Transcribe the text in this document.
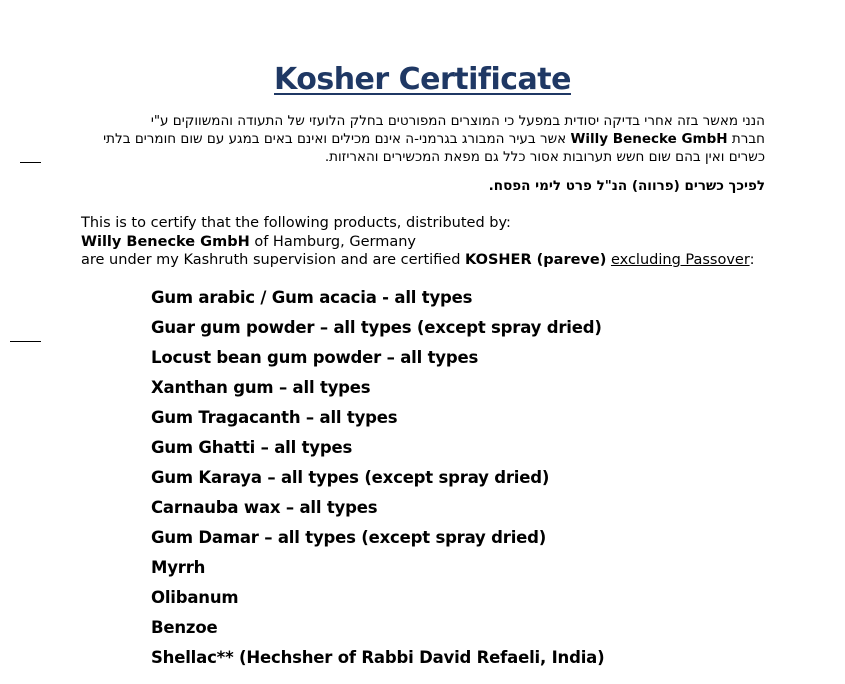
Kosher Certificate

הנני מאשר בזה אחרי בדיקה יסודית במפעל כי המוצרים המפורטים בחלק הלועזי של התעודה והמשווקים ע"י

חברת Willy Benecke GmbH אשר בעיר המבורג בגרמני-ה אינם מכילים ואינם באים במגע עם שום חומרים בלתי

כשרים ואין בהם שום חשש תערובות אסור כלל גם מפאת המכשירים והאריזות.

לפיכך כשרים (פרווה) הנ"ל פרט לימי הפסח.

This is to certify that the following products, distributed by:

Willy Benecke GmbH of Hamburg, Germany

are under my Kashruth supervision and are certified KOSHER (pareve) excluding Passover:

Gum arabic / Gum acacia - all types
Guar gum powder – all types (except spray dried)
Locust bean gum powder – all types
Xanthan gum – all types
Gum Tragacanth – all types
Gum Ghatti – all types
Gum Karaya – all types (except spray dried)
Carnauba wax – all types
Gum Damar – all types (except spray dried)
Myrrh
Olibanum
Benzoe
Shellac** (Hechsher of Rabbi David Refaeli, India)
